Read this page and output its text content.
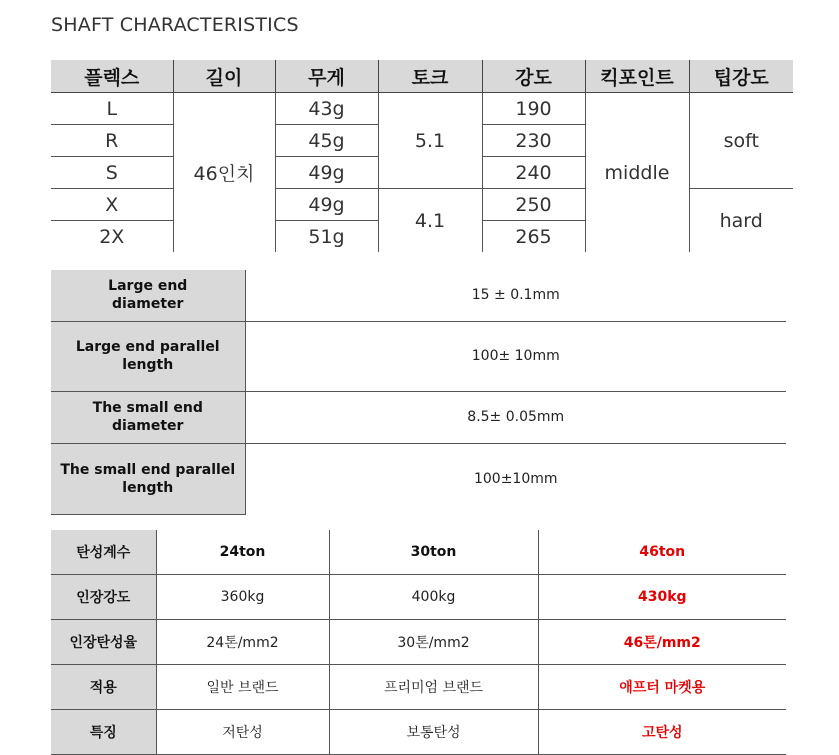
SHAFT CHARACTERISTICS
플렉스	길이	무게	토크	강도	킥포인트	팁강도
L	46인치	43g	5.1	190	middle	soft
R		45g		230		
S		49g		240		
X		49g	4.1	250		hard
2X		51g		265		
Large end diameter	15 ± 0.1mm
Large end parallel length	100± 10mm
The small end diameter	8.5± 0.05mm
The small end parallel length	100±10mm
탄성계수	24ton	30ton	46ton
인장강도	360kg	400kg	430kg
인장탄성율	24톤/mm2	30톤/mm2	46톤/mm2
적용	일반 브랜드	프리미엄 브랜드	애프터 마켓용
특징	저탄성	보통탄성	고탄성
